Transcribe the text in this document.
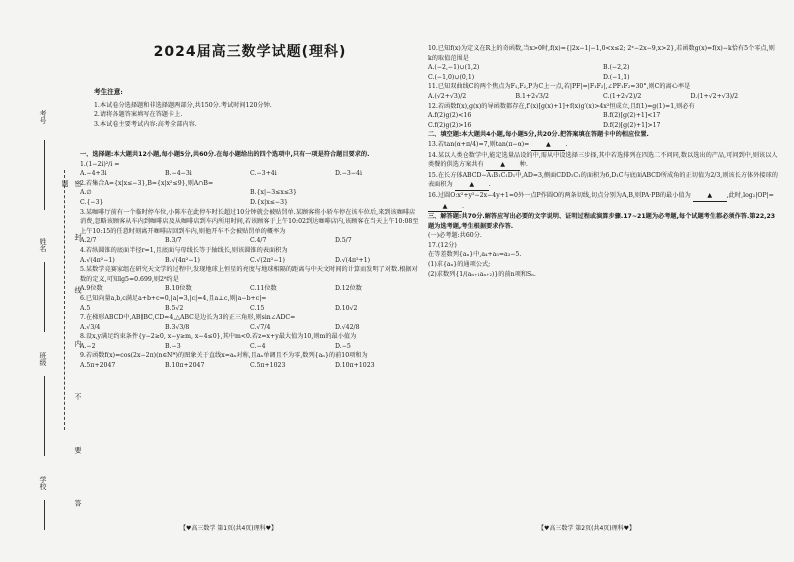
考号
姓名
班级
学校	密 封 线 内 不 要 答 题
2024届高三数学试题(理科)
考生注意:
1.本试卷分选择题和非选择题两部分,共150分.考试时间120分钟.
2.请将各题答案填写在答题卡上.
3.本试卷主要考试内容:高考全部内容.
一、选择题:本大题共12小题,每小题5分,共60分.在每小题给出的四个选项中,只有一项是符合题目要求的.
1.(1−2i)²/i =
A.−4+3i	B.−4−3i	C.−3+4i	D.−3−4i
2.若集合A={x|x≤−3},B={x|x²≤9},则A∩B=
A.∅	B.{x|−3≤x≤3}
C.{−3}	D.{x|x≤−3}
3.某咖啡厅前有一个临时停车位,小陈车在此停车时长超过10分钟就会被贴罚单.某顾客将小轿车停在该车位后,来到该咖啡店消费,忽略该顾客从车内到咖啡店及从咖啡店到车内所用时间,若该顾客于上午10:02到达咖啡店内,该顾客在当天上午10:08至上午10:15的任意时刻离开咖啡店回到车内,则他开车不会被贴罚单的概率为
A.2/7	B.3/7	C.4/7	D.5/7
4.若纵圆锥的底面半径r=1,且底面与母线长等于轴线长,则该圆锥的表面积为
A.√(4π²−1)	B.√(4π²−1)	C.√(2π²−1)	D.√(4π²+1)
5.某数学竞赛家组在研究天文学的过程中,发现地球上恒星的亮度与地球相隔的距离与中天文时间的计算而发明了对数.根据对数的定义,可知lg5=0.699,则2⁸约是
A.9位数	B.10位数	C.11位数	D.12位数
6.已知向量a,b,c满足a+b+c=0,|a|=3,|c|=4,且a⊥c,则|a−b+c|=
A.5	B.5√2	C.15	D.10√2
7.在梯形ABCD中,AB∥BC,CD=4,△ABC是边长为3的正三角形,则sin∠ADC=
A.√3/4	B.3√3/8	C.√7/4	D.√42/8
8.设x,y满足约束条件{y−2≥0, x−y≥m, x−4≤0},其中m<0.若z=x+y最大值为10,则m的最小值为
A.−2	B.−3	C.−4	D.−5
9.若函数f(x)=cos(2x−2π)(n∈N*)的图象关于直线x=aₙ对称,且aₙ单调且不为零,数列{aₙ}的前10项和为
A.5π+2047	B.10π+2047	C.5π+1023	D.10π+1023
【♥高三数学 第1页(共4页)理科♥】
10.已知f(x)为定义在R上的奇函数,当x>0时,f(x)={|2x−1|−1,0<x≤2; 2ˣ−2x−9,x>2},若函数g(x)=f(x)−k恰有5个零点,则k的取值范围是
A.(−2,−1)∪(1,2)	B.(−2,2)
C.(−1,0)∪(0,1)	D.(−1,1)
11.已知双曲线C的两个焦点为F₁,F₂,P为C上一点,若|PF|=|F₁F₂|,∠PF₁F₂=30°,则C的离心率是
A.(√2+√3)/2	B.1+2√3/2	C.(1+2√2)/2	D.(1+√2+√3)/2
12.若函数f(x),g(x)的导函数都存在,f′(x)[g(x)+1]+f(x)g′(x)>4x²恒成立,且f(1)=g(1)=1,则必有
A.f(2)g(2)<16	B.f(2)[g(2)+1]<17
C.f(2)g(2)>16	D.f(2)[g(2)+1]>17
二、填空题:本大题共4小题,每小题5分,共20分.把答案填在答题卡中的相应位置.
13.若tan(α+π/4)=7,则tan(π−α)=	▲ .
14.某以人类仓数学中,能定选量品设的中,需从中设选择三步择,其中若选排列在四选二不问同,数以选出的产品,可问到中,则该以人类餐的供选方案共有	▲ 种.
15.在长方体ABCD−A₁B₁C₁D₁中,AD=3,侧面CDD₁C₁的面积为6,D₁C与底面ABCD所成角的正切值为2/3,则该长方体外接球的表面积为	▲ .
16.过圆O:x²+y²−2x−4y+1=0外一点P作圆O的两条切线,切点分别为A,B,则PA·PB的最小值为	▲ ,此时,log₂|OP|= ▲ .
三、解答题:共70分.解答应写出必要的文字说明、证明过程或演算步骤.17~21题为必考题,每个试题考生都必须作答.第22,23题为选考题,考生根据要求作答.
(一)必考题:共60分.
17.(12分)
在等差数列{aₙ}中,a₄+a₅=a₃−5.
(1)求{aₙ}的通项公式;
(2)求数列{1/(aₙ₊₁aₙ₊₂)}的前n项和Sₙ.
【♥高三数学 第2页(共4页)理科♥】
